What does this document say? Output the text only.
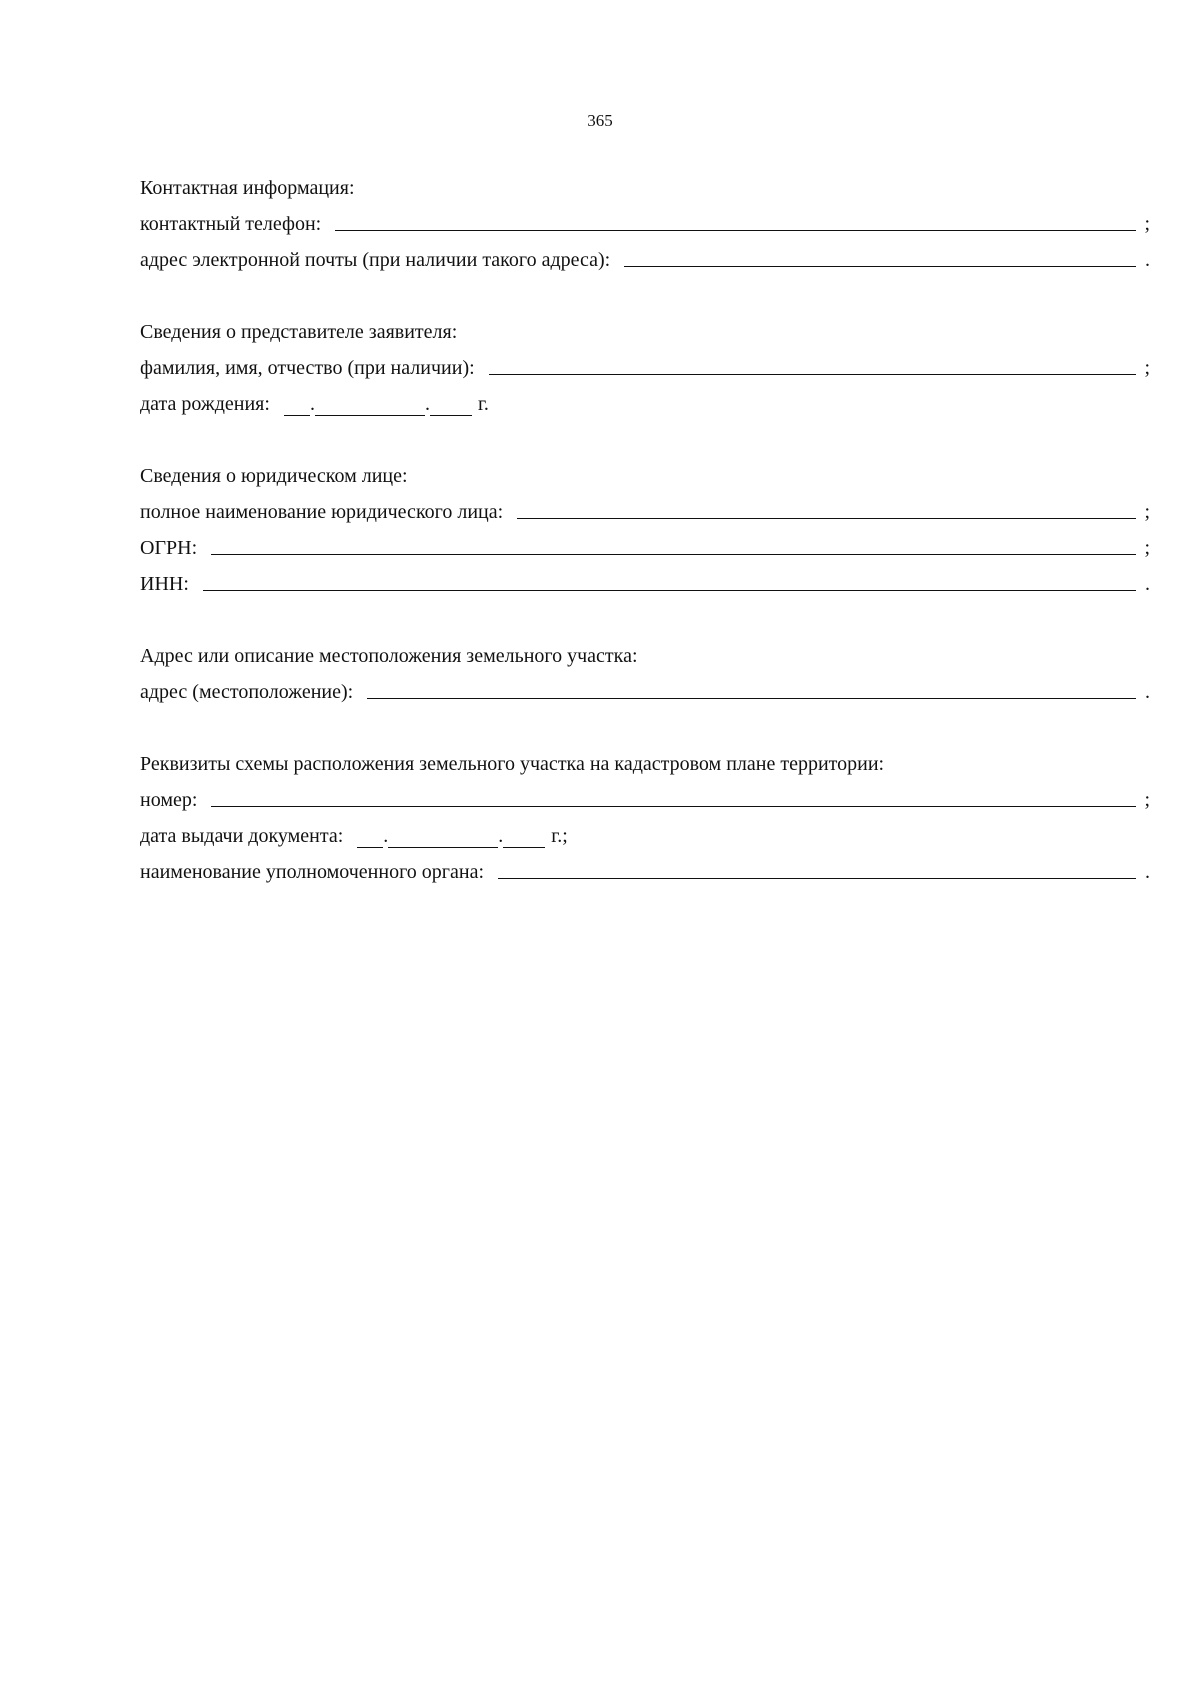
365
Контактная информация:
контактный телефон:	;
адрес электронной почты (при наличии такого адреса):	.
Сведения о представителе заявителя:
фамилия, имя, отчество (при наличии):	;
дата рождения: .	. г.
Сведения о юридическом лице:
полное наименование юридического лица:	;
ОГРН:	;
ИНН:	.
Адрес или описание местоположения земельного участка:
адрес (местоположение):	.
Реквизиты схемы расположения земельного участка на кадастровом плане территории:
номер:	;
дата выдачи документа: .	. г.;
наименование уполномоченного органа:	.
